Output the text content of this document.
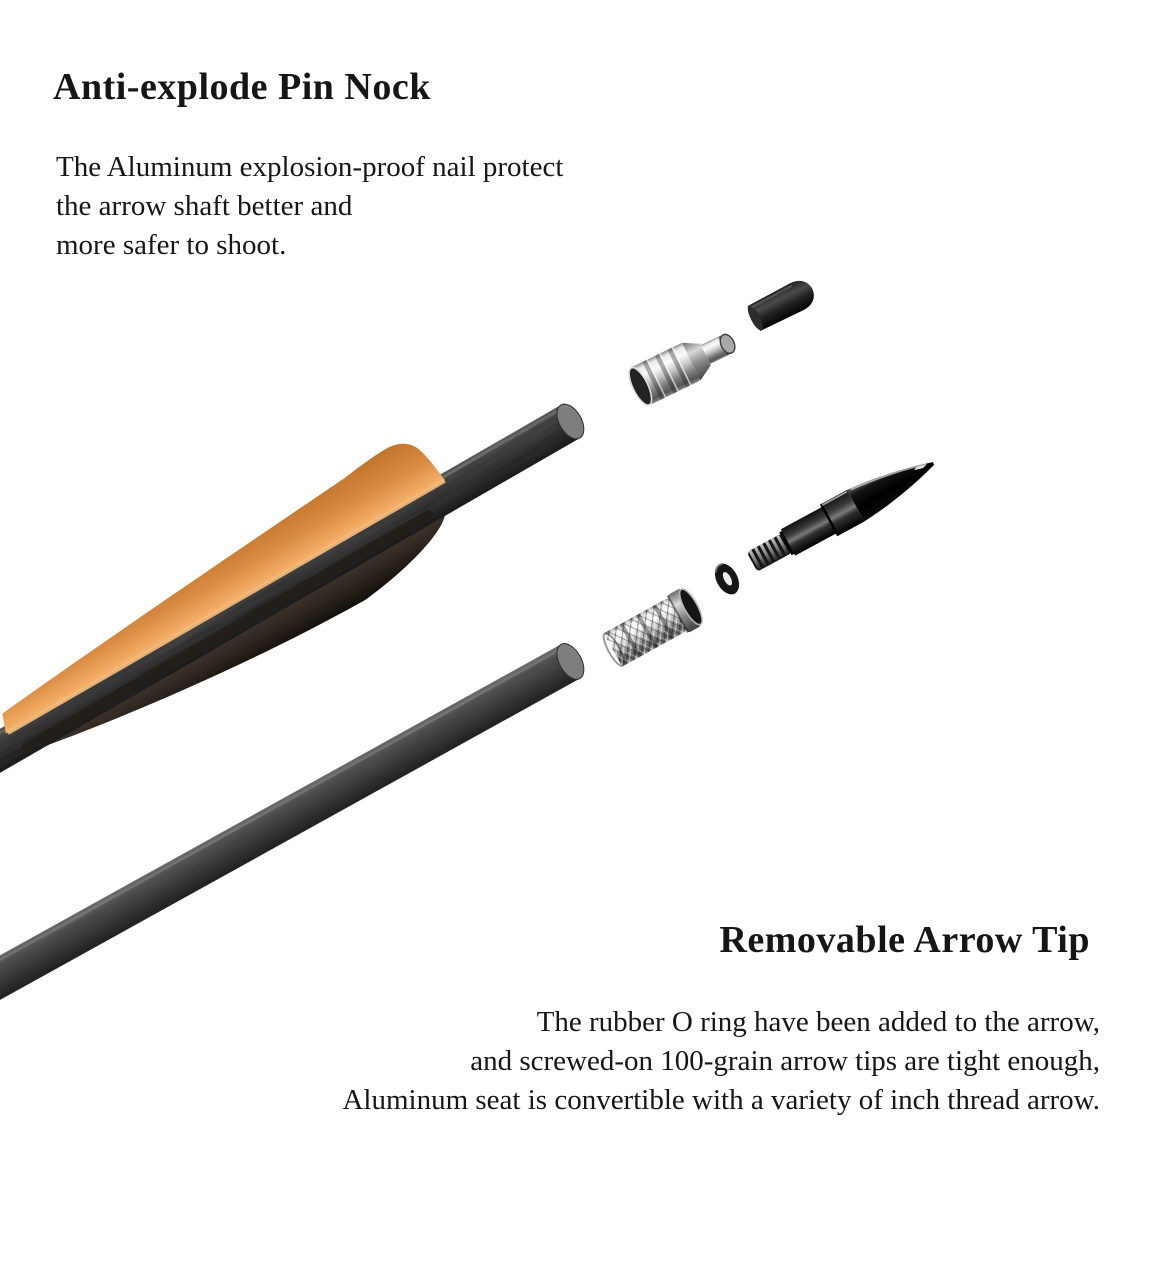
Anti-explode Pin Nock
The Aluminum explosion-proof nail protect
the arrow shaft better and
more safer to shoot.
Removable Arrow Tip
The rubber O ring have been added to the arrow,
and screwed-on 100-grain arrow tips are tight enough,
Aluminum seat is convertible with a variety of inch thread arrow.
